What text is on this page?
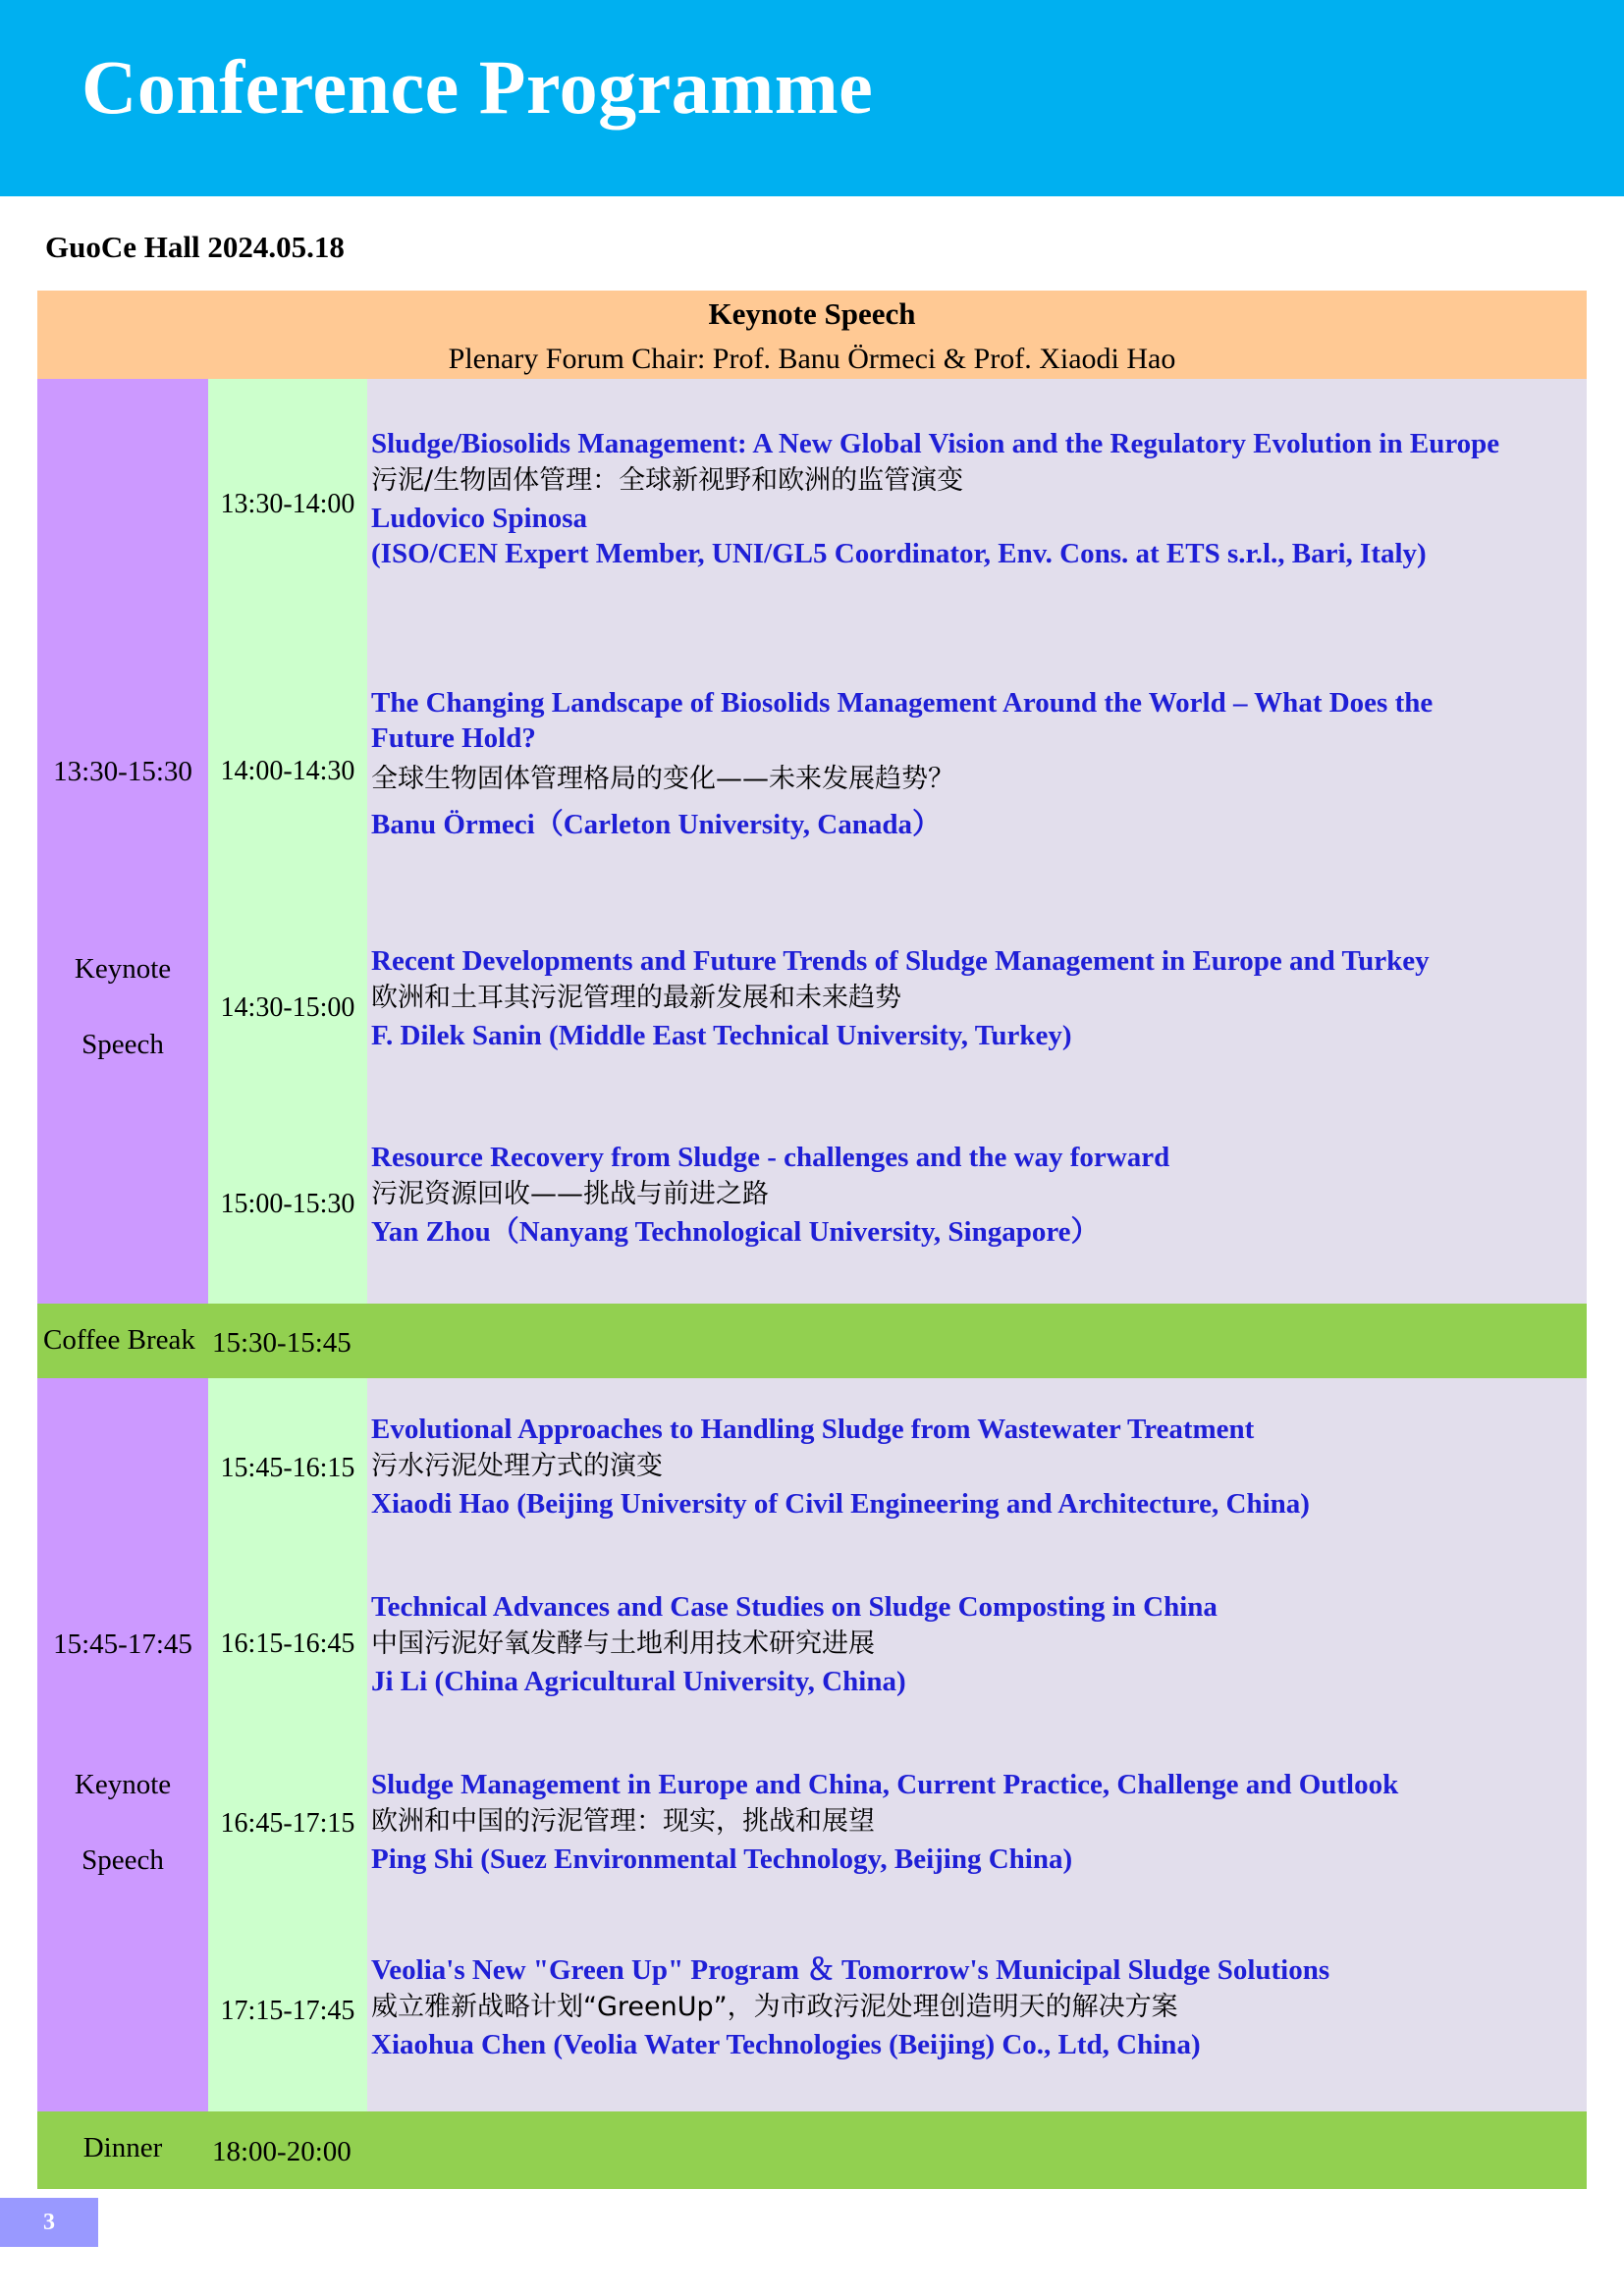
Conference Programme
GuoCe Hall 2024.05.18
Keynote Speech
Plenary Forum Chair: Prof. Banu Örmeci & Prof. Xiaodi Hao
13:30-15:30
Keynote
Speech
13:30-14:00
14:00-14:30
14:30-15:00
15:00-15:30
Sludge/Biosolids Management: A New Global Vision and the Regulatory Evolution in Europe
污泥/生物固体管理：全球新视野和欧洲的监管演变
Ludovico Spinosa
(ISO/CEN Expert Member, UNI/GL5 Coordinator, Env. Cons. at ETS s.r.l., Bari, Italy)
The Changing Landscape of Biosolids Management Around the World – What Does the
Future Hold?
全球生物固体管理格局的变化——未来发展趋势？
Banu Örmeci（Carleton University, Canada）
Recent Developments and Future Trends of Sludge Management in Europe and Turkey
欧洲和土耳其污泥管理的最新发展和未来趋势
F. Dilek Sanin (Middle East Technical University, Turkey)
Resource Recovery from Sludge - challenges and the way forward
污泥资源回收——挑战与前进之路
Yan Zhou（Nanyang Technological University, Singapore）
Coffee Break 15:30-15:45
15:45-17:45
Keynote
Speech
15:45-16:15
16:15-16:45
16:45-17:15
17:15-17:45
Evolutional Approaches to Handling Sludge from Wastewater Treatment
污水污泥处理方式的演变
Xiaodi Hao (Beijing University of Civil Engineering and Architecture, China)
Technical Advances and Case Studies on Sludge Composting in China
中国污泥好氧发酵与土地利用技术研究进展
Ji Li (China Agricultural University, China)
Sludge Management in Europe and China, Current Practice, Challenge and Outlook
欧洲和中国的污泥管理：现实，挑战和展望
Ping Shi (Suez Environmental Technology, Beijing China)
Veolia's New "Green Up" Program ＆ Tomorrow's Municipal Sludge Solutions
威立雅新战略计划“GreenUp”，为市政污泥处理创造明天的解决方案
Xiaohua Chen (Veolia Water Technologies (Beijing) Co., Ltd, China)
Dinner	18:00-20:00
3
